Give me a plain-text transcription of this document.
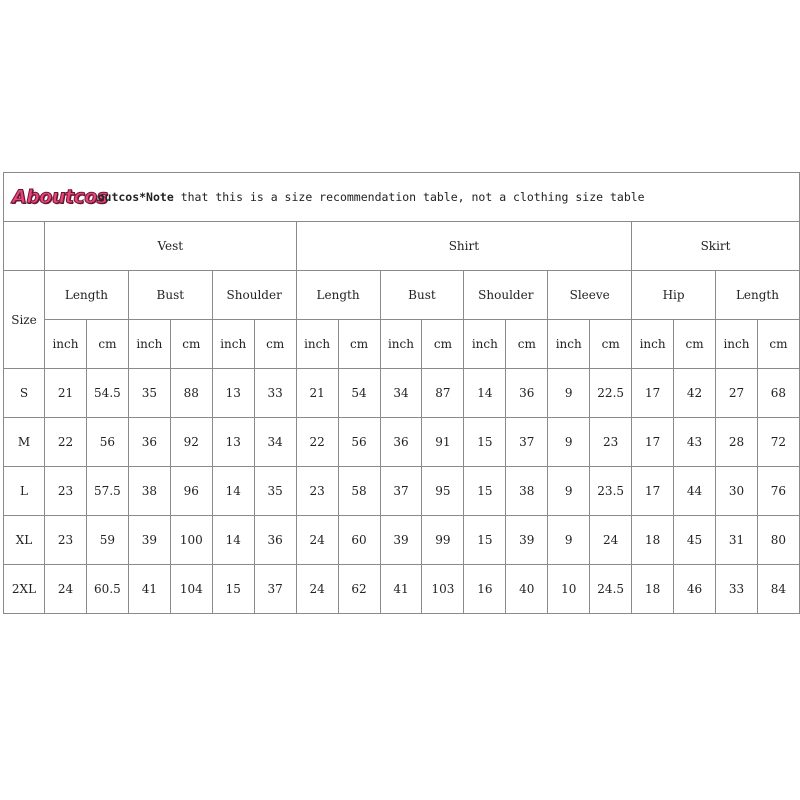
Aboutcosoutcos*Note that this is a size recommendation table, not a clothing size table																		
	Vest						Shirt								Skirt			
Size	Length		Bust		Shoulder		Length		Bust		Shoulder		Sleeve		Hip		Length	
	inch	cm	inch	cm	inch	cm	inch	cm	inch	cm	inch	cm	inch	cm	inch	cm	inch	cm
S	21	54.5	35	88	13	33	21	54	34	87	14	36	9	22.5	17	42	27	68
M	22	56	36	92	13	34	22	56	36	91	15	37	9	23	17	43	28	72
L	23	57.5	38	96	14	35	23	58	37	95	15	38	9	23.5	17	44	30	76
XL	23	59	39	100	14	36	24	60	39	99	15	39	9	24	18	45	31	80
2XL	24	60.5	41	104	15	37	24	62	41	103	16	40	10	24.5	18	46	33	84
